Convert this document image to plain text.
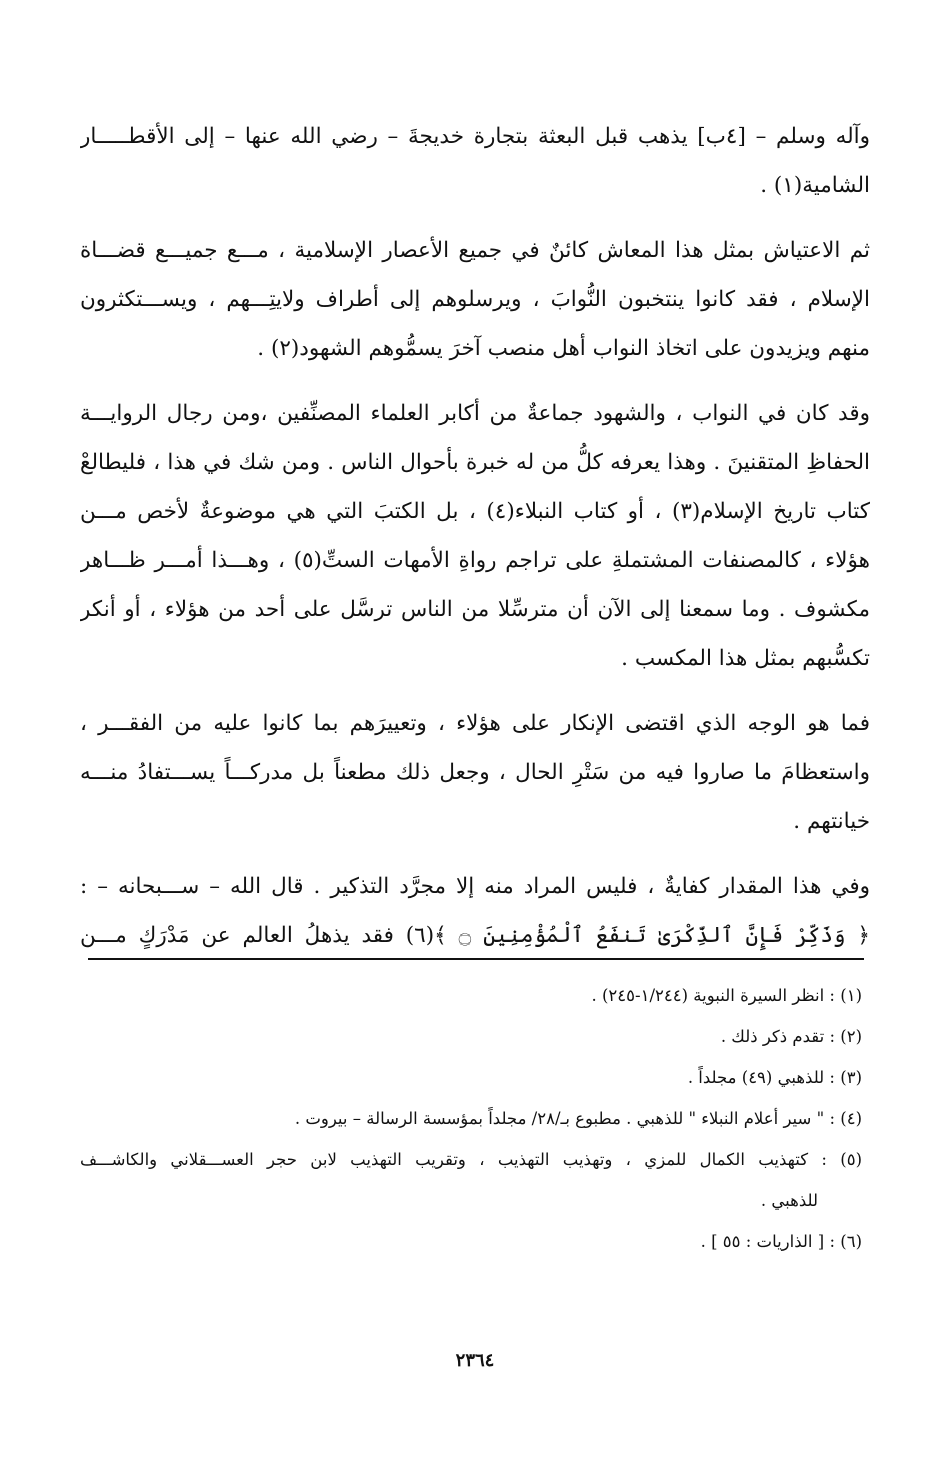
وآله وسلم – [٤ب] يذهب قبل البعثة بتجارة خديجةَ – رضي الله عنها – إلى الأقطـــــار
الشامية(١) .
ثم الاعتياش بمثل هذا المعاش كائنٌ في جميع الأعصار الإسلامية ، مـــع جميـــع قضـــاة
الإسلام ، فقد كانوا ينتخبون النُّوابَ ، ويرسلوهم إلى أطراف ولايتِـــهم ، ويســـتكثرون
منهم ويزيدون على اتخاذ النواب أهل منصب آخرَ يسمُّوهم الشهود(٢) .
وقد كان في النواب ، والشهود جماعةٌ من أكابر العلماء المصنِّفين ،ومن رجال الروايـــة
الحفاظِ المتقنينَ . وهذا يعرفه كلُّ من له خبرة بأحوال الناس . ومن شك في هذا ، فليطالعْ
كتاب تاريخ الإسلام(٣) ، أو كتاب النبلاء(٤) ، بل الكتبَ التي هي موضوعةٌ لأخص مـــن
هؤلاء ، كالمصنفات المشتملةِ على تراجم رواةِ الأمهات الستِّ(٥) ، وهـــذا أمـــر ظـــاهر
مكشوف . وما سمعنا إلى الآن أن مترسِّلا من الناس ترسَّل على أحد من هؤلاء ، أو أنكر
تكسُّبهم بمثل هذا المكسب .
فما هو الوجه الذي اقتضى الإنكار على هؤلاء ، وتعييرَهم بما كانوا عليه من الفقـــر ،
واستعظامَ ما صاروا فيه من سَتْرِ الحال ، وجعل ذلك مطعناً بل مدركـــاً يســـتفادُ منـــه
خيانتهم .
وفي هذا المقدار كفايةٌ ، فليس المراد منه إلا مجرَّد التذكير . قال الله – ســـبحانه – :
﴿ وَذَكِّرْ فَإِنَّ ٱلذِّكْرَىٰ تَنفَعُ ٱلْمُؤْمِنِينَ ۝ ﴾(٦) فقد يذهلُ العالم عن مَدْرَكٍ مـــن
(١) : انظر السيرة النبوية (١/٢٤٤-٢٤٥) .
(٢) : تقدم ذكر ذلك .
(٣) : للذهبي (٤٩) مجلداً .
(٤) : " سير أعلام النبلاء " للذهبي . مطبوع بـ/٢٨/ مجلداً بمؤسسة الرسالة – بيروت .
(٥) : كتهذيب الكمال للمزي ، وتهذيب التهذيب ، وتقريب التهذيب لابن حجر العســـقلاني والكاشـــف
للذهبي .
(٦) : [ الذاريات : ٥٥ ] .
٢٣٦٤
